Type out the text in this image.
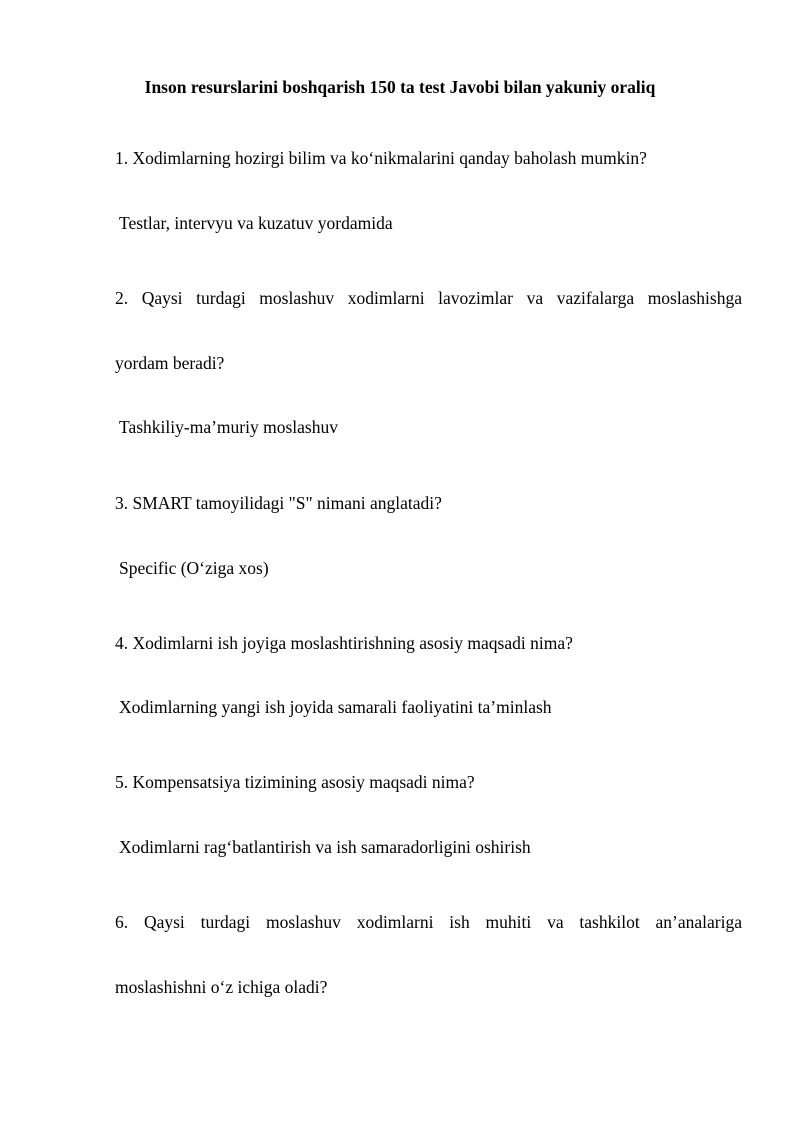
Inson resurslarini boshqarish 150 ta test Javobi bilan yakuniy oraliq
1. Xodimlarning hozirgi bilim va ko‘nikmalarini qanday baholash mumkin?
Testlar, intervyu va kuzatuv yordamida
2. Qaysi turdagi moslashuv xodimlarni lavozimlar va vazifalarga moslashishga
yordam beradi?
Tashkiliy-ma’muriy moslashuv
3. SMART tamoyilidagi "S" nimani anglatadi?
Specific (O‘ziga xos)
4. Xodimlarni ish joyiga moslashtirishning asosiy maqsadi nima?
Xodimlarning yangi ish joyida samarali faoliyatini ta’minlash
5. Kompensatsiya tizimining asosiy maqsadi nima?
Xodimlarni rag‘batlantirish va ish samaradorligini oshirish
6. Qaysi turdagi moslashuv xodimlarni ish muhiti va tashkilot an’analariga
moslashishni o‘z ichiga oladi?
